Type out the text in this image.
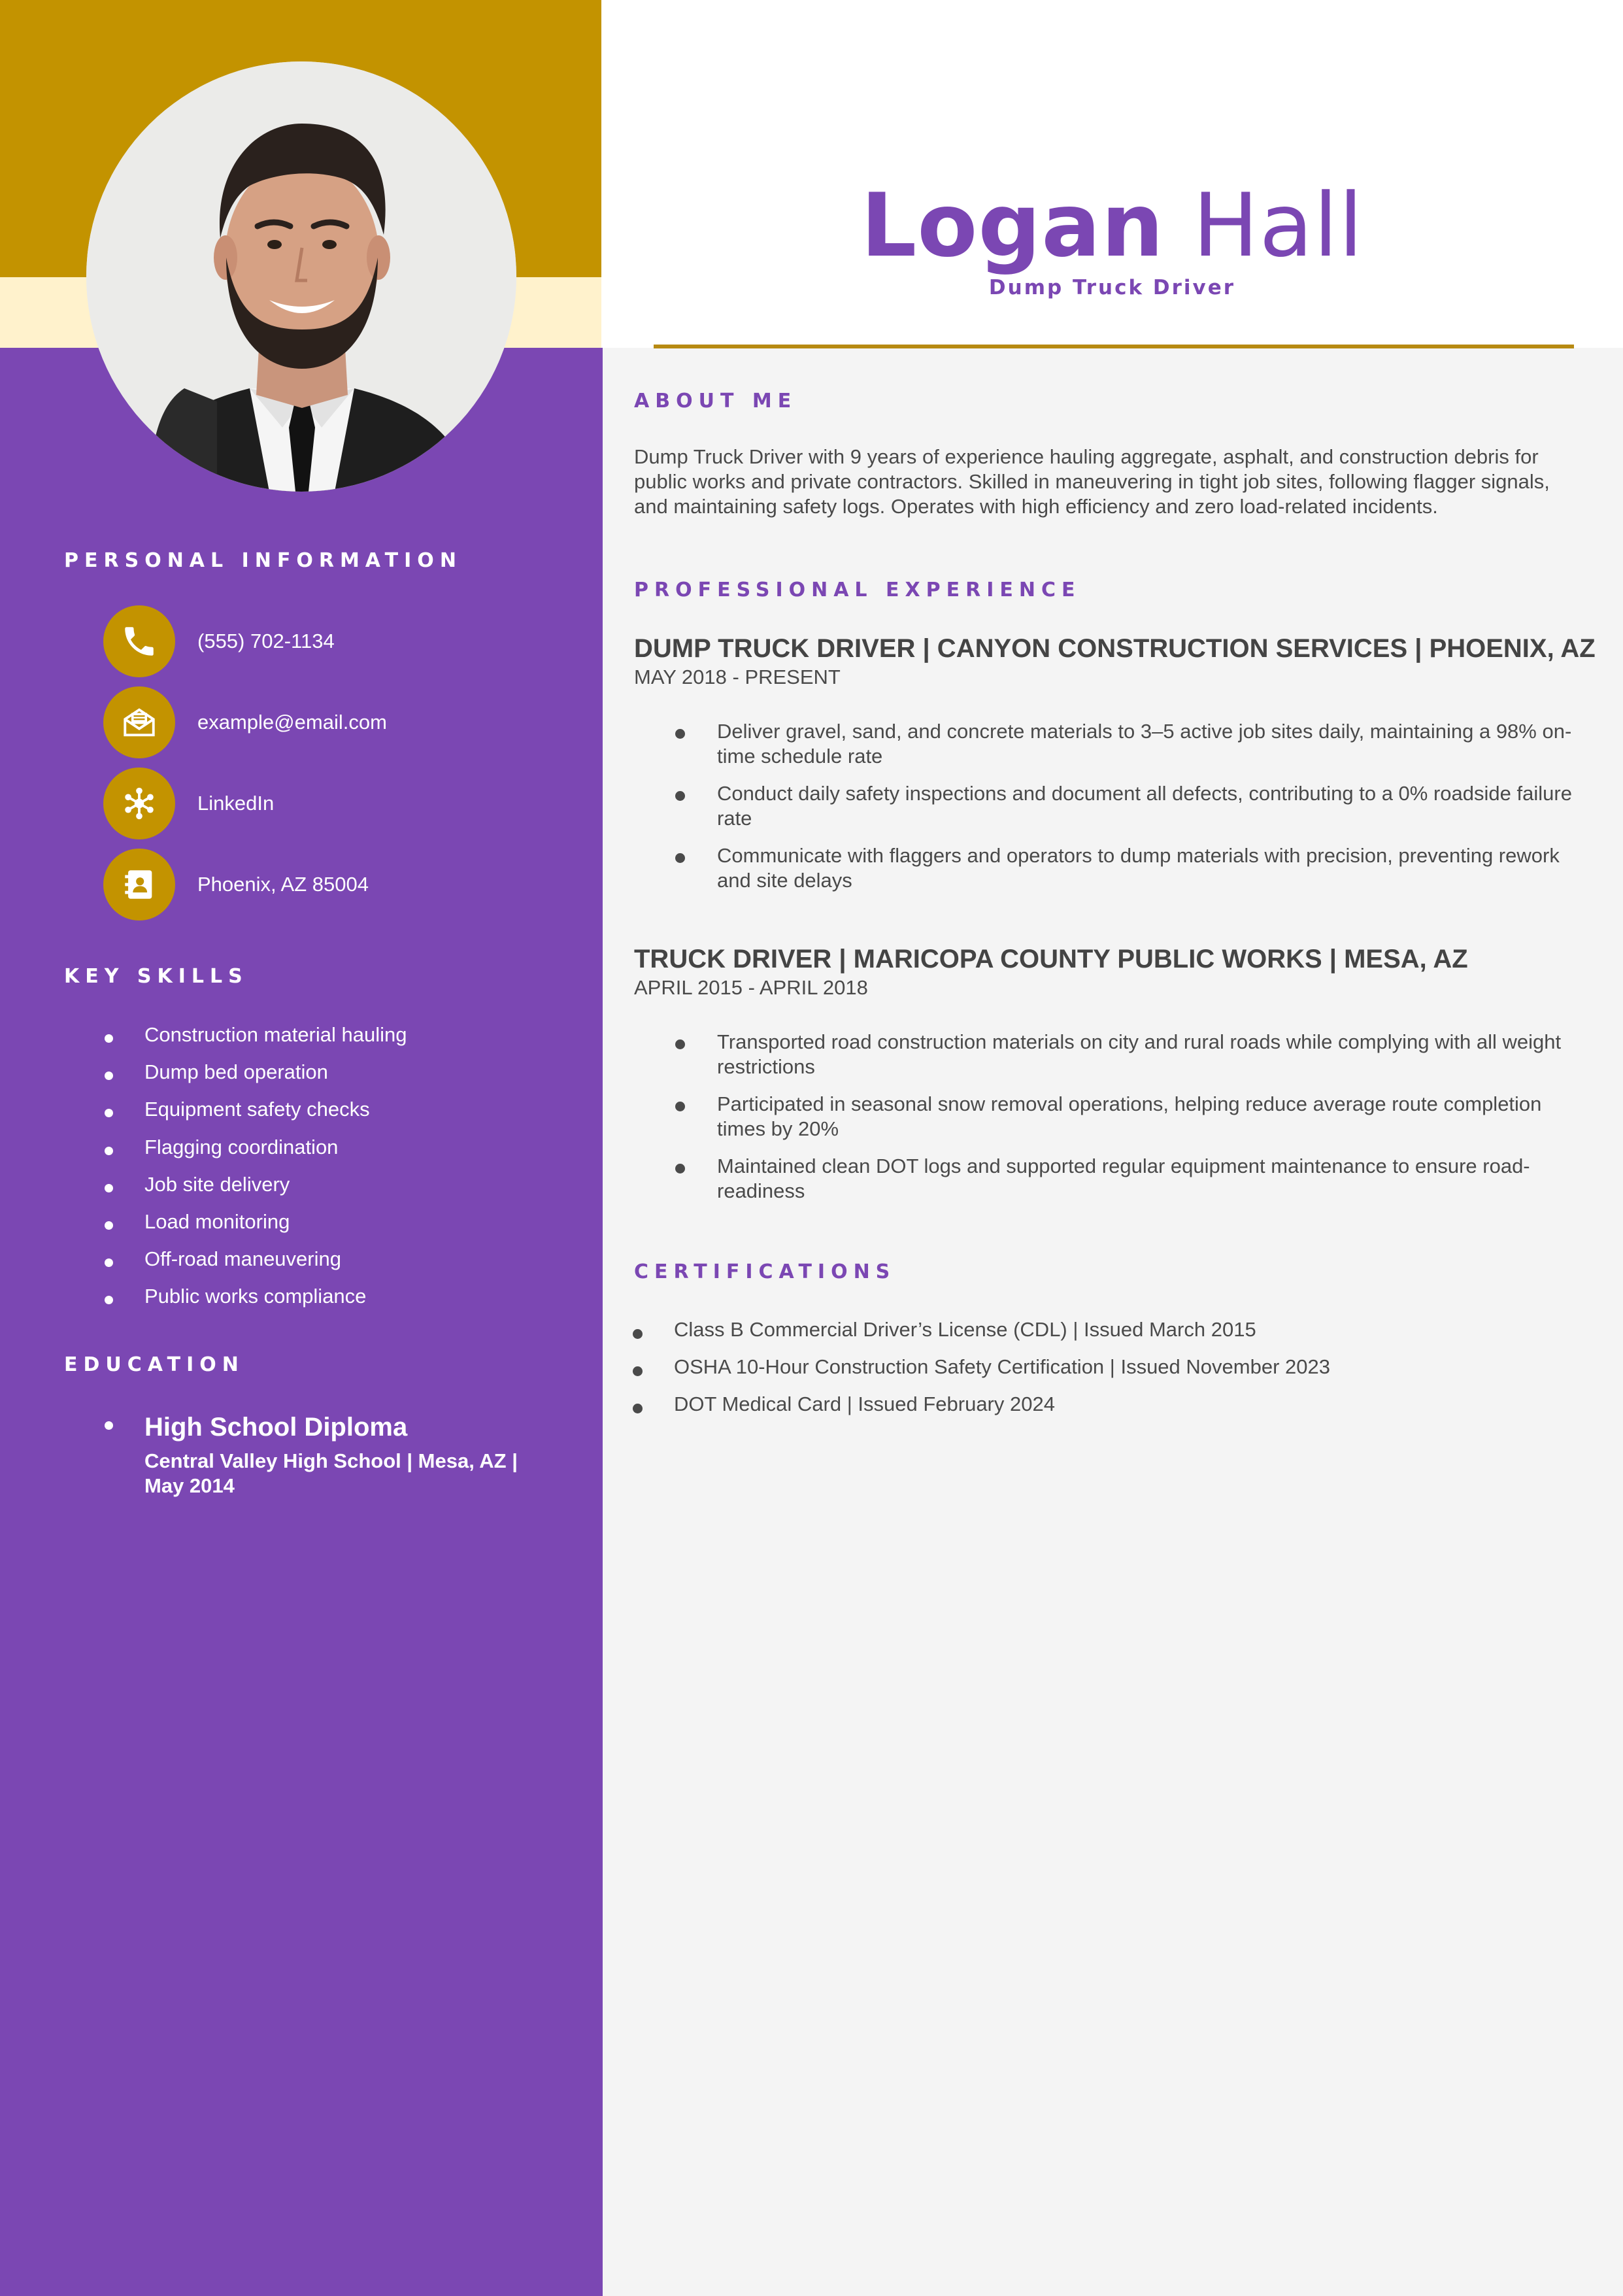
Logan Hall
Dump Truck Driver
PERSONAL INFORMATION
(555) 702-1134
example@email.com
LinkedIn
Phoenix, AZ 85004
KEY SKILLS
Construction material hauling
Dump bed operation
Equipment safety checks
Flagging coordination
Job site delivery
Load monitoring
Off-road maneuvering
Public works compliance
EDUCATION
High School Diploma
Central Valley High School | Mesa, AZ | May 2014
ABOUT ME
Dump Truck Driver with 9 years of experience hauling aggregate, asphalt, and construction debris for public works and private contractors. Skilled in maneuvering in tight job sites, following flagger signals, and maintaining safety logs. Operates with high efficiency and zero load-related incidents.
PROFESSIONAL EXPERIENCE
DUMP TRUCK DRIVER | CANYON CONSTRUCTION SERVICES | PHOENIX, AZ
MAY 2018 - PRESENT
Deliver gravel, sand, and concrete materials to 3–5 active job sites daily, maintaining a 98% on-time schedule rate
Conduct daily safety inspections and document all defects, contributing to a 0% roadside failure rate
Communicate with flaggers and operators to dump materials with precision, preventing rework and site delays
TRUCK DRIVER | MARICOPA COUNTY PUBLIC WORKS | MESA, AZ
APRIL 2015 - APRIL 2018
Transported road construction materials on city and rural roads while complying with all weight restrictions
Participated in seasonal snow removal operations, helping reduce average route completion times by 20%
Maintained clean DOT logs and supported regular equipment maintenance to ensure road-readiness
CERTIFICATIONS
Class B Commercial Driver’s License (CDL) | Issued March 2015
OSHA 10-Hour Construction Safety Certification | Issued November 2023
DOT Medical Card | Issued February 2024
